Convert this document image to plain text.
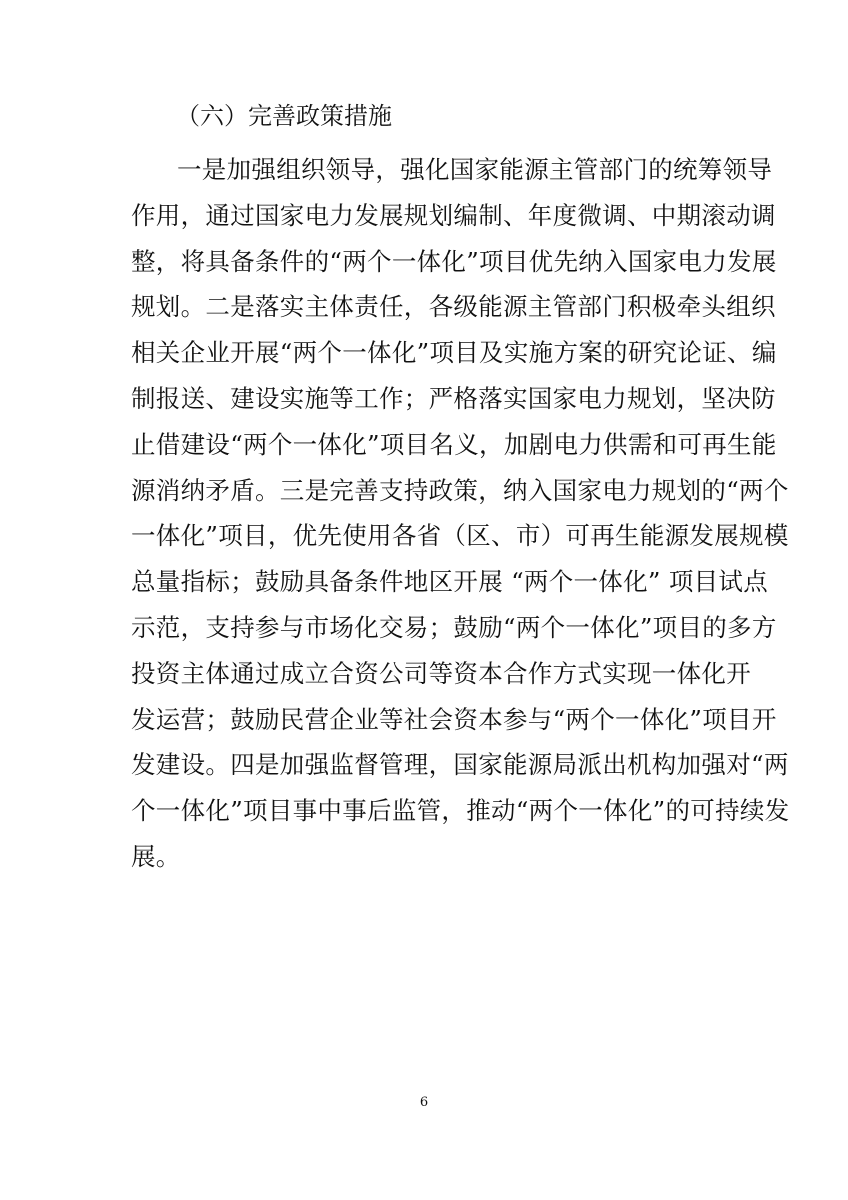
（六）完善政策措施
一是加强组织领导，强化国家能源主管部门的统筹领导
作用，通过国家电力发展规划编制、年度微调、中期滚动调
整，将具备条件的“两个一体化”项目优先纳入国家电力发展
规划。二是落实主体责任，各级能源主管部门积极牵头组织
相关企业开展“两个一体化”项目及实施方案的研究论证、编
制报送、建设实施等工作；严格落实国家电力规划，坚决防
止借建设“两个一体化”项目名义，加剧电力供需和可再生能
源消纳矛盾。三是完善支持政策，纳入国家电力规划的“两个
一体化”项目，优先使用各省（区、市）可再生能源发展规模
总量指标；鼓励具备条件地区开展 “两个一体化” 项目试点
示范，支持参与市场化交易；鼓励“两个一体化”项目的多方
投资主体通过成立合资公司等资本合作方式实现一体化开
发运营；鼓励民营企业等社会资本参与“两个一体化”项目开
发建设。四是加强监督管理，国家能源局派出机构加强对“两
个一体化”项目事中事后监管，推动“两个一体化”的可持续发
展。
6
